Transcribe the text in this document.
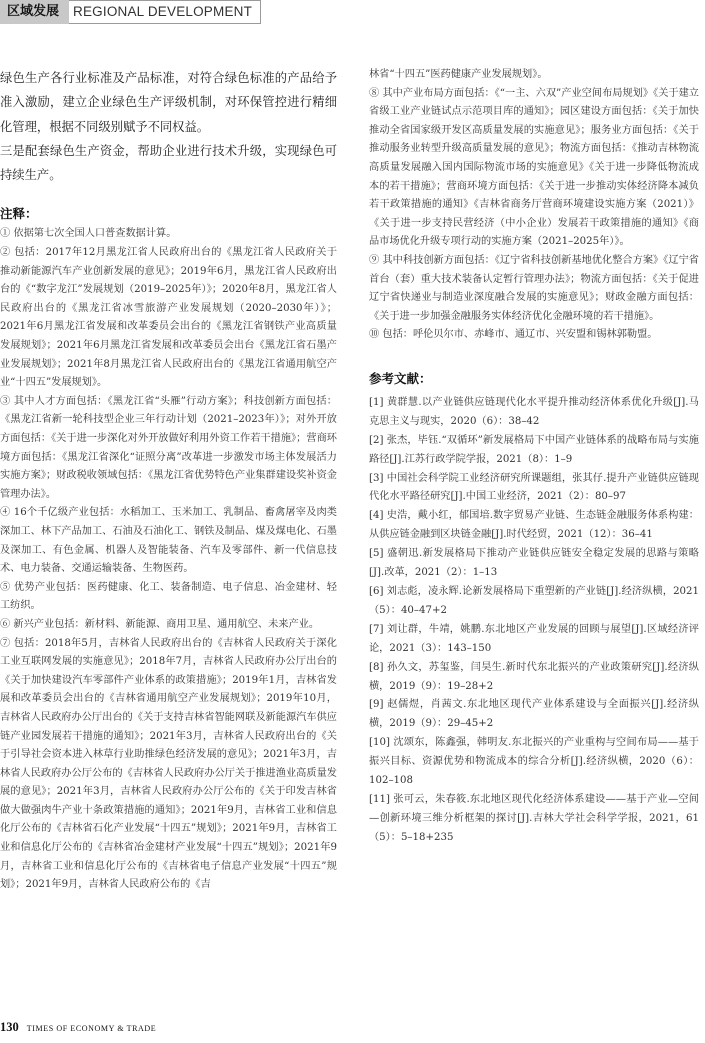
区域发展	REGIONAL DEVELOPMENT

绿色生产各行业标准及产品标准，对符合绿色标准的产品给予准入激励，建立企业绿色生产评级机制，对环保管控进行精细化管理，根据不同级别赋予不同权益。

三是配套绿色生产资金，帮助企业进行技术升级，实现绿色可持续生产。

注释：

① 依据第七次全国人口普查数据计算。

② 包括：2017年12月黑龙江省人民政府出台的《黑龙江省人民政府关于推动新能源汽车产业创新发展的意见》；2019年6月，黑龙江省人民政府出台的《“数字龙江”发展规划（2019–2025年）》；2020年8月，黑龙江省人民政府出台的《黑龙江省冰雪旅游产业发展规划（2020–2030年）》；2021年6月黑龙江省发展和改革委员会出台的《黑龙江省钢铁产业高质量发展规划》；2021年6月黑龙江省发展和改革委员会出台《黑龙江省石墨产业发展规划》；2021年8月黑龙江省人民政府出台的《黑龙江省通用航空产业“十四五”发展规划》。

③ 其中人才方面包括：《黑龙江省“头雁”行动方案》；科技创新方面包括：《黑龙江省新一轮科技型企业三年行动计划（2021–2023年）》；对外开放方面包括：《关于进一步深化对外开放做好利用外资工作若干措施》；营商环境方面包括：《黑龙江省深化“证照分离”改革进一步激发市场主体发展活力实施方案》；财政税收领域包括：《黑龙江省优势特色产业集群建设奖补资金管理办法》。

④ 16个千亿级产业包括：水稻加工、玉米加工、乳制品、畜禽屠宰及肉类深加工、林下产品加工、石油及石油化工、钢铁及制品、煤及煤电化、石墨及深加工、有色金属、机器人及智能装备、汽车及零部件、新一代信息技术、电力装备、交通运输装备、生物医药。

⑤ 优势产业包括：医药健康、化工、装备制造、电子信息、冶金建材、轻工纺织。

⑥ 新兴产业包括：新材料、新能源、商用卫星、通用航空、未来产业。

⑦ 包括：2018年5月，吉林省人民政府出台的《吉林省人民政府关于深化工业互联网发展的实施意见》；2018年7月，吉林省人民政府办公厅出台的《关于加快建设汽车零部件产业体系的政策措施》；2019年1月，吉林省发展和改革委员会出台的《吉林省通用航空产业发展规划》；2019年10月，吉林省人民政府办公厅出台的《关于支持吉林省智能网联及新能源汽车供应链产业园发展若干措施的通知》；2021年3月，吉林省人民政府出台的《关于引导社会资本进入林草行业助推绿色经济发展的意见》；2021年3月，吉林省人民政府办公厅公布的《吉林省人民政府办公厅关于推进渔业高质量发展的意见》；2021年3月，吉林省人民政府办公厅公布的《关于印发吉林省做大做强肉牛产业十条政策措施的通知》；2021年9月，吉林省工业和信息化厅公布的《吉林省石化产业发展“十四五”规划》；2021年9月，吉林省工业和信息化厅公布的《吉林省冶金建材产业发展“十四五”规划》；2021年9月，吉林省工业和信息化厅公布的《吉林省电子信息产业发展“十四五”规划》；2021年9月，吉林省人民政府公布的《吉

林省“十四五”医药健康产业发展规划》。

⑧ 其中产业布局方面包括：《“一主、六双”产业空间布局规划》《关于建立省级工业产业链试点示范项目库的通知》；园区建设方面包括：《关于加快推动全省国家级开发区高质量发展的实施意见》；服务业方面包括：《关于推动服务业转型升级高质量发展的意见》；物流方面包括：《推动吉林物流高质量发展融入国内国际物流市场的实施意见》《关于进一步降低物流成本的若干措施》；营商环境方面包括：《关于进一步推动实体经济降本减负若干政策措施的通知》《吉林省商务厅营商环境建设实施方案（2021）》《关于进一步支持民营经济（中小企业）发展若干政策措施的通知》《商品市场优化升级专项行动的实施方案（2021–2025年）》。

⑨ 其中科技创新方面包括：《辽宁省科技创新基地优化整合方案》《辽宁省首台（套）重大技术装备认定暂行管理办法》；物流方面包括：《关于促进辽宁省快递业与制造业深度融合发展的实施意见》；财政金融方面包括：《关于进一步加强金融服务实体经济优化金融环境的若干措施》。

⑩ 包括：呼伦贝尔市、赤峰市、通辽市、兴安盟和锡林郭勒盟。

参考文献：

[1] 黄群慧.以产业链供应链现代化水平提升推动经济体系优化升级[J].马克思主义与现实，2020（6）：38–42

[2] 张杰，毕钰.“双循环”新发展格局下中国产业链体系的战略布局与实施路径[J].江苏行政学院学报，2021（8）：1–9

[3] 中国社会科学院工业经济研究所课题组，张其仔.提升产业链供应链现代化水平路径研究[J].中国工业经济，2021（2）：80–97

[4] 史浩，戴小红，郁国培.数字贸易产业链、生态链金融服务体系构建：从供应链金融到区块链金融[J].时代经贸，2021（12）：36–41

[5] 盛朝迅.新发展格局下推动产业链供应链安全稳定发展的思路与策略[J].改革，2021（2）：1–13

[6] 刘志彪，凌永辉.论新发展格局下重塑新的产业链[J].经济纵横，2021（5）：40–47+2

[7] 刘让群，牛靖，姚鹏.东北地区产业发展的回顾与展望[J].区域经济评论，2021（3）：143–150

[8] 孙久文，苏玺鉴，闫昊生.新时代东北振兴的产业政策研究[J].经济纵横，2019（9）：19–28+2

[9] 赵儒煜，肖茜文.东北地区现代产业体系建设与全面振兴[J].经济纵横，2019（9）：29–45+2

[10] 沈颂东，陈鑫强，韩明友.东北振兴的产业重构与空间布局——基于振兴目标、资源优势和物流成本的综合分析[J].经济纵横，2020（6）：102–108

[11] 张可云，朱春筱.东北地区现代化经济体系建设——基于产业—空间—创新环境三维分析框架的探讨[J].吉林大学社会科学学报，2021，61（5）：5–18+235

130 TIMES OF ECONOMY & TRADE
